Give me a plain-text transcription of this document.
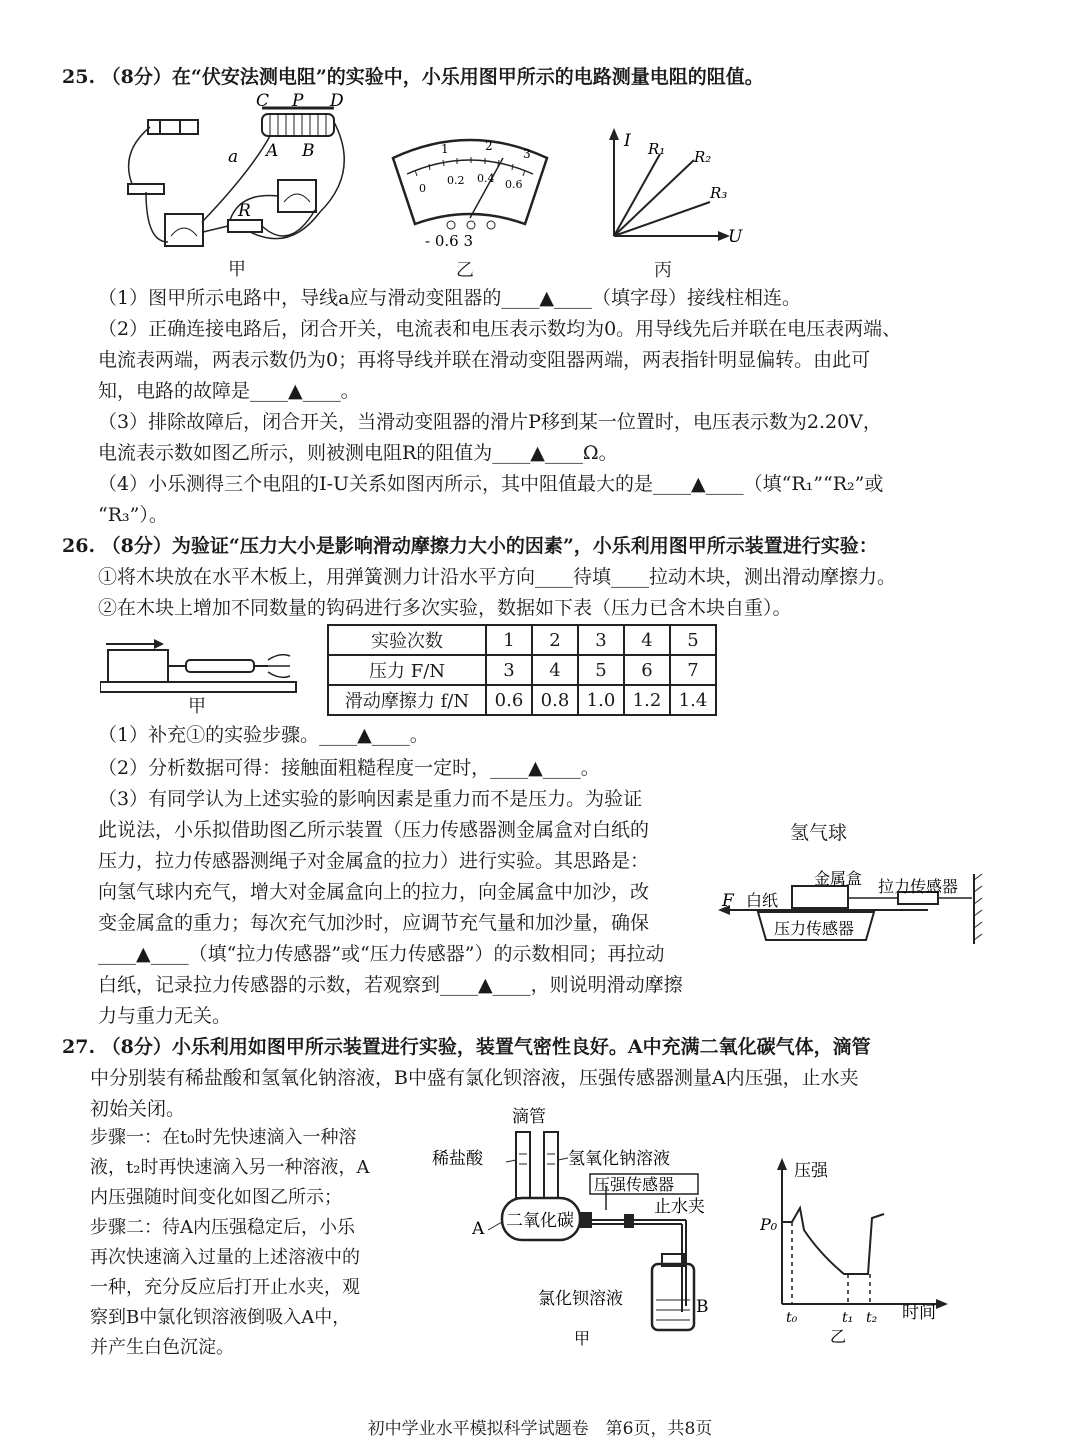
25. （8分）在“伏安法测电阻”的实验中，小乐用图甲所示的电路测量电阻的阻值。
C P D
A B
a
R
甲
1	2
3
0
0.2 0.4 0.6
- 0.6 3
乙
I
U
R₁ R₂
R₃
丙
（1）图甲所示电路中，导线a应与滑动变阻器的____▲____（填字母）接线柱相连。
（2）正确连接电路后，闭合开关，电流表和电压表示数均为0。用导线先后并联在电压表两端、
电流表两端，两表示数仍为0；再将导线并联在滑动变阻器两端，两表指针明显偏转。由此可
知，电路的故障是____▲____。
（3）排除故障后，闭合开关，当滑动变阻器的滑片P移到某一位置时，电压表示数为2.20V，
电流表示数如图乙所示，则被测电阻R的阻值为____▲____Ω。
（4）小乐测得三个电阻的I-U关系如图丙所示，其中阻值最大的是____▲____（填“R₁”“R₂”或
“R₃”）。
26. （8分）为验证“压力大小是影响滑动摩擦力大小的因素”，小乐利用图甲所示装置进行实验：
①将木块放在水平木板上，用弹簧测力计沿水平方向____待填____拉动木块，测出滑动摩擦力。
②在木块上增加不同数量的钩码进行多次实验，数据如下表（压力已含木块自重）。
甲
实验次数	1	2	3	4	5
压力 F/N	3	4	5	6	7
滑动摩擦力 f/N	0.6	0.8	1.0	1.2	1.4
（1）补充①的实验步骤。____▲____。
（2）分析数据可得：接触面粗糙程度一定时，____▲____。
（3）有同学认为上述实验的影响因素是重力而不是压力。为验证
此说法，小乐拟借助图乙所示装置（压力传感器测金属盒对白纸的
压力，拉力传感器测绳子对金属盒的拉力）进行实验。其思路是：
向氢气球内充气，增大对金属盒向上的拉力，向金属盒中加沙，改
变金属盒的重力；每次充气加沙时，应调节充气量和加沙量，确保
____▲____（填“拉力传感器”或“压力传感器”）的示数相同；再拉动
白纸，记录拉力传感器的示数，若观察到____▲____，则说明滑动摩擦
力与重力无关。
氢气球
金属盒 拉力传感器
F 白纸
压力传感器
27. （8分）小乐利用如图甲所示装置进行实验，装置气密性良好。A中充满二氧化碳气体，滴管
中分别装有稀盐酸和氢氧化钠溶液，B中盛有氯化钡溶液，压强传感器测量A内压强，止水夹
初始关闭。
步骤一：在t₀时先快速滴入一种溶
液，t₂时再快速滴入另一种溶液，A
内压强随时间变化如图乙所示；
步骤二：待A内压强稳定后，小乐
再次快速滴入过量的上述溶液中的
一种，充分反应后打开止水夹，观
察到B中氯化钡溶液倒吸入A中，
并产生白色沉淀。
滴管
稀盐酸	氢氧化钠溶液
压强传感器
止水夹
A
氯化钡溶液	B
二氧化碳
甲
压强
P₀
t₀	t₁ t₂ 时间
乙
初中学业水平模拟科学试题卷　第6页，共8页
